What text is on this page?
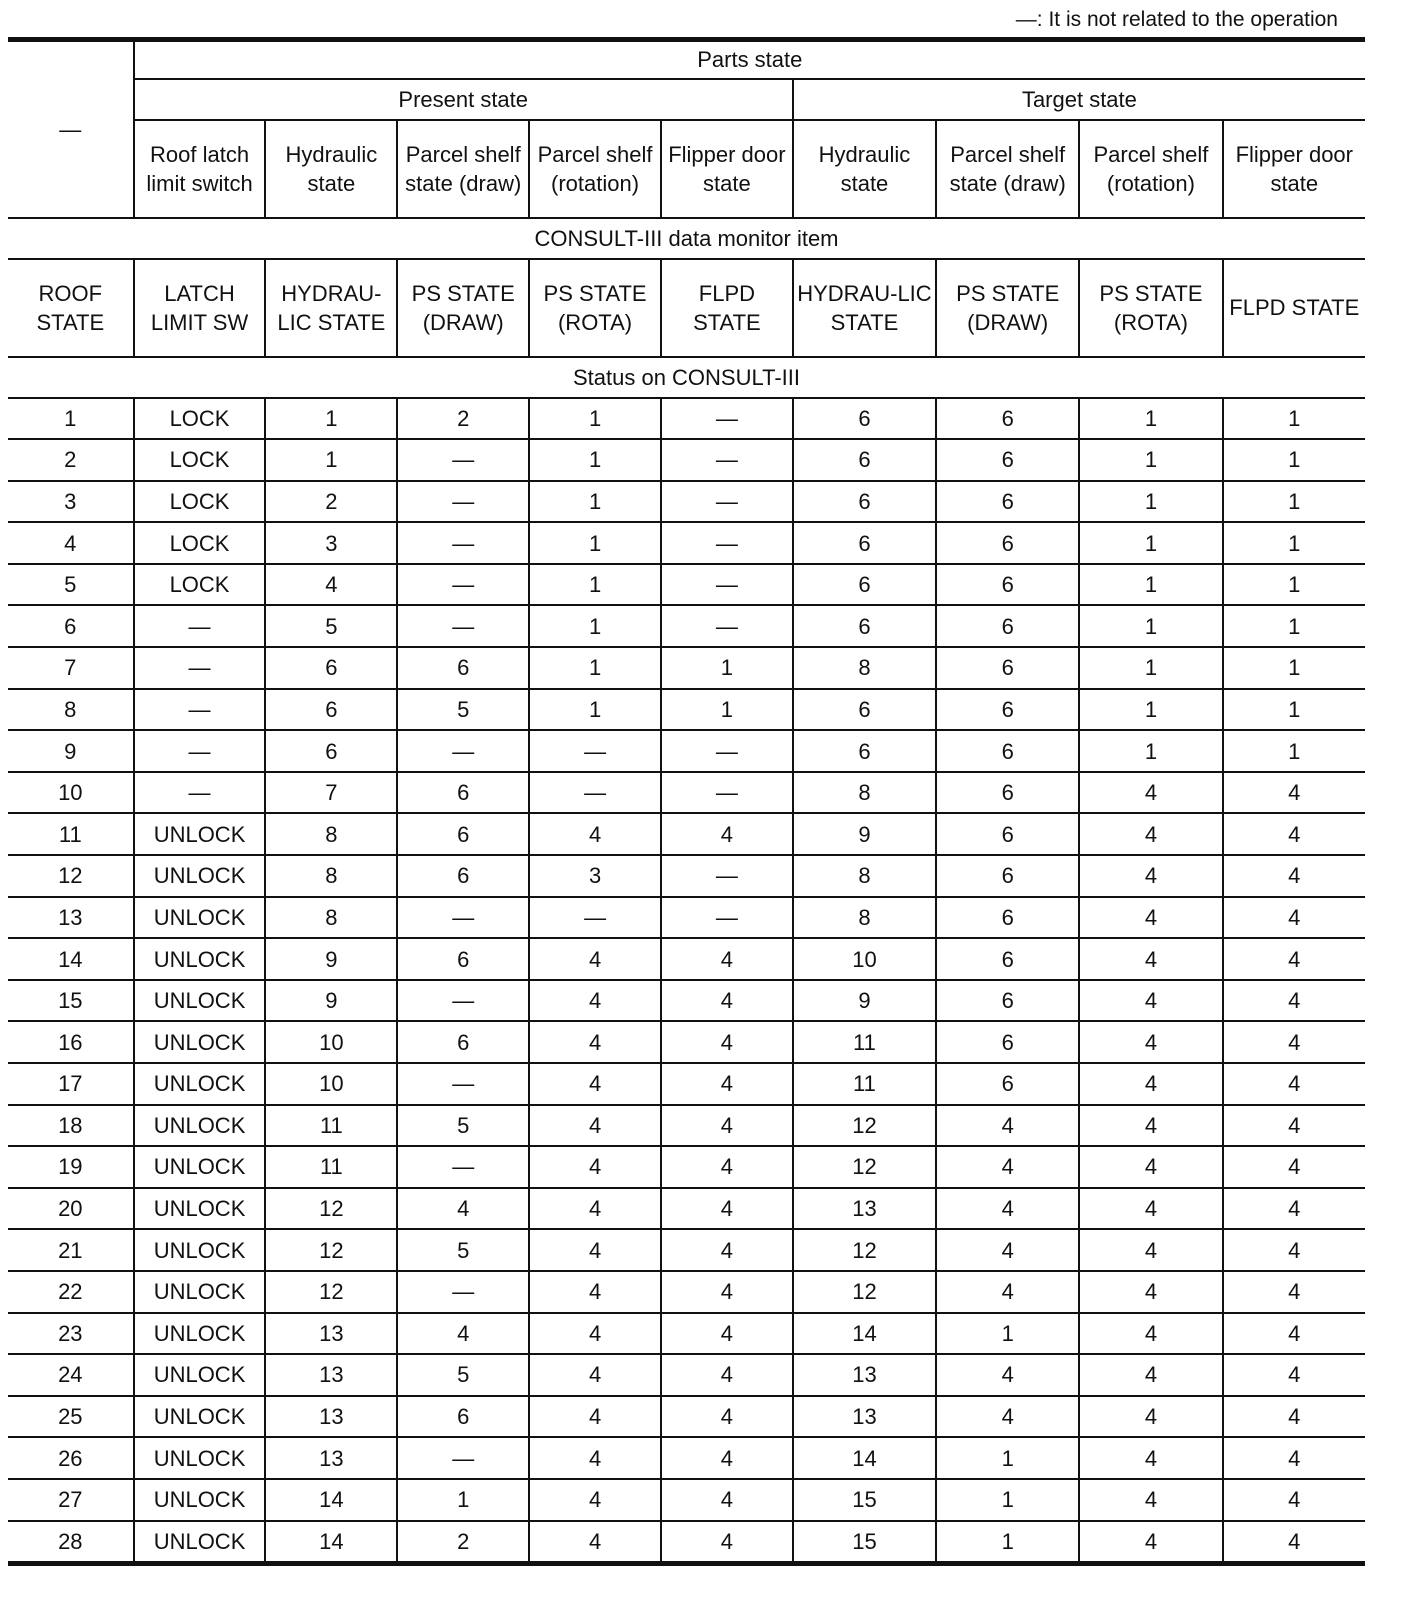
—: It is not related to the operation
—	Parts state								
	Present state					Target state			
	Roof latch limit switch	Hydraulic state	Parcel shelf state (draw)	Parcel shelf (rotation)	Flipper door state	Hydraulic state	Parcel shelf state (draw)	Parcel shelf (rotation)	Flipper door state
CONSULT-III data monitor item									
ROOF STATE	LATCH LIMIT SW	HYDRAU-LIC STATE	PS STATE (DRAW)	PS STATE (ROTA)	FLPD STATE	HYDRAU-LIC STATE	PS STATE (DRAW)	PS STATE (ROTA)	FLPD STATE
Status on CONSULT-III									
1	LOCK	1	2	1	—	6	6	1	1
2	LOCK	1	—	1	—	6	6	1	1
3	LOCK	2	—	1	—	6	6	1	1
4	LOCK	3	—	1	—	6	6	1	1
5	LOCK	4	—	1	—	6	6	1	1
6	—	5	—	1	—	6	6	1	1
7	—	6	6	1	1	8	6	1	1
8	—	6	5	1	1	6	6	1	1
9	—	6	—	—	—	6	6	1	1
10	—	7	6	—	—	8	6	4	4
11	UNLOCK	8	6	4	4	9	6	4	4
12	UNLOCK	8	6	3	—	8	6	4	4
13	UNLOCK	8	—	—	—	8	6	4	4
14	UNLOCK	9	6	4	4	10	6	4	4
15	UNLOCK	9	—	4	4	9	6	4	4
16	UNLOCK	10	6	4	4	11	6	4	4
17	UNLOCK	10	—	4	4	11	6	4	4
18	UNLOCK	11	5	4	4	12	4	4	4
19	UNLOCK	11	—	4	4	12	4	4	4
20	UNLOCK	12	4	4	4	13	4	4	4
21	UNLOCK	12	5	4	4	12	4	4	4
22	UNLOCK	12	—	4	4	12	4	4	4
23	UNLOCK	13	4	4	4	14	1	4	4
24	UNLOCK	13	5	4	4	13	4	4	4
25	UNLOCK	13	6	4	4	13	4	4	4
26	UNLOCK	13	—	4	4	14	1	4	4
27	UNLOCK	14	1	4	4	15	1	4	4
28	UNLOCK	14	2	4	4	15	1	4	4
